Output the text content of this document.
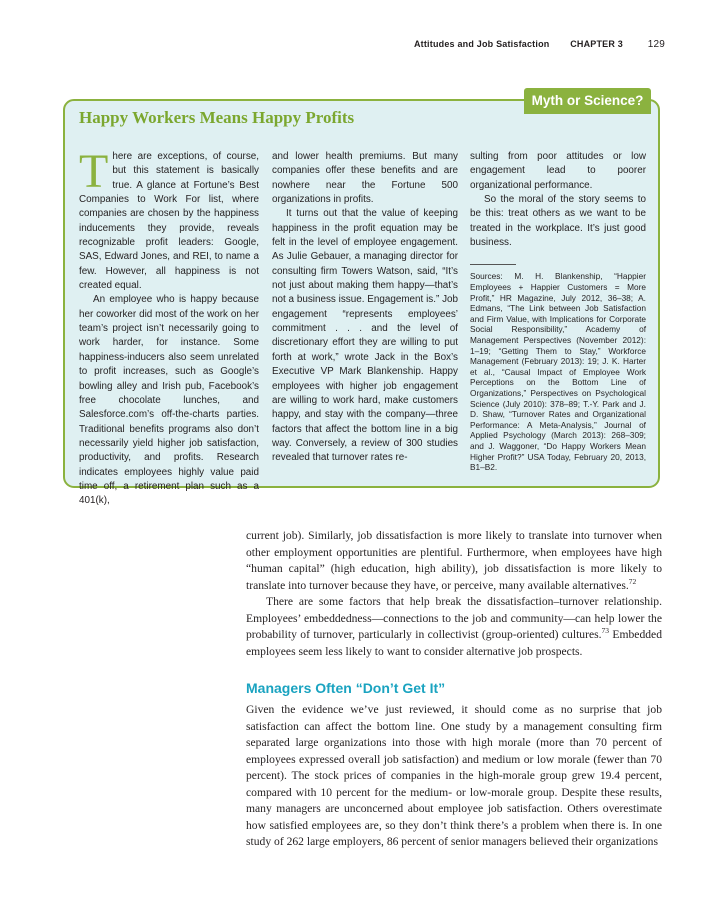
Attitudes and Job Satisfaction CHAPTER 3 129
Myth or Science?
Happy Workers Means Happy Profits

There are exceptions, of course, but this statement is basically true. A glance at Fortune’s Best Companies to Work For list, where companies are chosen by the happiness inducements they provide, reveals recognizable profit leaders: Google, SAS, Edward Jones, and REI, to name a few. However, all happiness is not created equal.

An employee who is happy because her coworker did most of the work on her team’s project isn’t necessarily going to work harder, for instance. Some happiness-inducers also seem unrelated to profit increases, such as Google’s bowling alley and Irish pub, Facebook’s free chocolate lunches, and Salesforce.com’s off-the-charts parties. Traditional benefits programs also don’t necessarily yield higher job satisfaction, productivity, and profits. Research indicates employees highly value paid time off, a retirement plan such as a 401(k),

and lower health premiums. But many companies offer these benefits and are nowhere near the Fortune 500 organizations in profits.

It turns out that the value of keeping happiness in the profit equation may be felt in the level of employee engagement. As Julie Gebauer, a managing director for consulting firm Towers Watson, said, “It’s not just about making them happy—that’s not a business issue. Engagement is.” Job engagement “represents employees’ commitment . . . and the level of discretionary effort they are willing to put forth at work,” wrote Jack in the Box’s Executive VP Mark Blankenship. Happy employees with higher job engagement are willing to work hard, make customers happy, and stay with the company—three factors that affect the bottom line in a big way. Conversely, a review of 300 studies revealed that turnover rates re-

sulting from poor attitudes or low engagement lead to poorer organizational performance.

So the moral of the story seems to be this: treat others as we want to be treated in the workplace. It’s just good business.

Sources: M. H. Blankenship, “Happier Employees + Happier Customers = More Profit,” HR Magazine, July 2012, 36–38; A. Edmans, “The Link between Job Satisfaction and Firm Value, with Implications for Corporate Social Responsibility,” Academy of Management Perspectives (November 2012): 1–19; “Getting Them to Stay,” Workforce Management (February 2013): 19; J. K. Harter et al., “Causal Impact of Employee Work Perceptions on the Bottom Line of Organizations,” Perspectives on Psychological Science (July 2010): 378–89; T.-Y. Park and J. D. Shaw, “Turnover Rates and Organizational Performance: A Meta-Analysis,” Journal of Applied Psychology (March 2013): 268–309; and J. Waggoner, “Do Happy Workers Mean Higher Profit?” USA Today, February 20, 2013, B1–B2.

current job). Similarly, job dissatisfaction is more likely to translate into turnover when other employment opportunities are plentiful. Furthermore, when employees have high “human capital” (high education, high ability), job dissatisfaction is more likely to translate into turnover because they have, or perceive, many available alternatives.$^{72}$

There are some factors that help break the dissatisfaction–turnover relationship. Employees’ embeddedness—connections to the job and community—can help lower the probability of turnover, particularly in collectivist (group-oriented) cultures.$^{73}$ Embedded employees seem less likely to want to consider alternative job prospects.

Managers Often “Don’t Get It”

Given the evidence we’ve just reviewed, it should come as no surprise that job satisfaction can affect the bottom line. One study by a management consulting firm separated large organizations into those with high morale (more than 70 percent of employees expressed overall job satisfaction) and medium or low morale (fewer than 70 percent). The stock prices of companies in the high-morale group grew 19.4 percent, compared with 10 percent for the medium- or low-morale group. Despite these results, many managers are unconcerned about employee job satisfaction. Others overestimate how satisfied employees are, so they don’t think there’s a problem when there is. In one study of 262 large employers, 86 percent of senior managers believed their organizations
